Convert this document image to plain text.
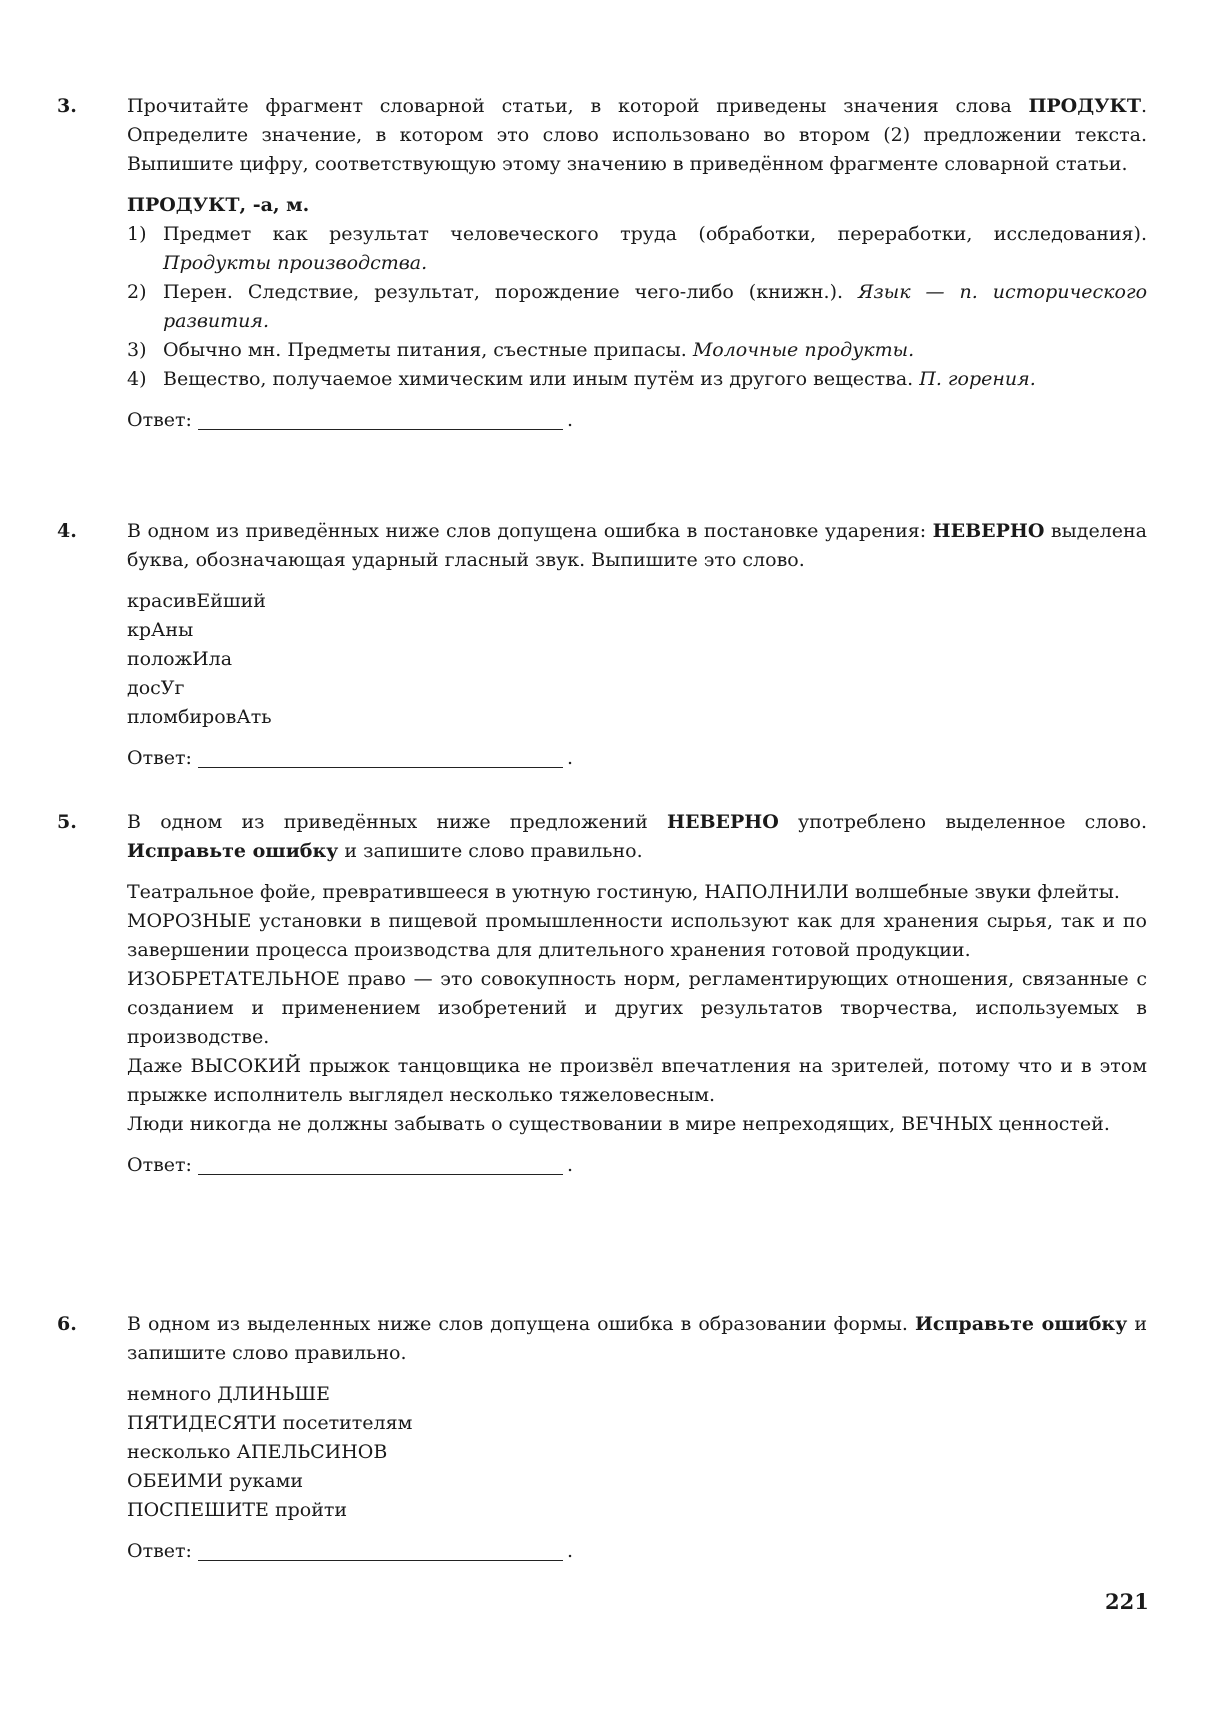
3.	Прочитайте фрагмент словарной статьи, в которой приведены значения слова ПРОДУКТ. Определите значение, в котором это слово использовано во втором (2) предложении текста. Выпишите цифру, соответствующую этому значению в приведённом фрагменте словарной статьи.

ПРОДУКТ, -а, м.
1) Предмет как результат человеческого труда (обработки, переработки, исследования). Продукты производства.
2) Перен. Следствие, результат, порождение чего-либо (книжн.). Язык — п. исторического развития.
3) Обычно мн. Предметы питания, съестные припасы. Молочные продукты.
4) Вещество, получаемое химическим или иным путём из другого вещества. П. горения.
Ответ:	.
4.	В одном из приведённых ниже слов допущена ошибка в постановке ударения: НЕВЕРНО выделена буква, обозначающая ударный гласный звук. Выпишите это слово.

красивЕйший
крАны
положИла
досУг
пломбировАть
Ответ:	.
5.	В одном из приведённых ниже предложений НЕВЕРНО употреблено выделенное слово. Исправьте ошибку и запишите слово правильно.

Театральное фойе, превратившееся в уютную гостиную, НАПОЛНИЛИ волшебные звуки флейты.

МОРОЗНЫЕ установки в пищевой промышленности используют как для хранения сырья, так и по завершении процесса производства для длительного хранения готовой продукции.

ИЗОБРЕТАТЕЛЬНОЕ право — это совокупность норм, регламентирующих отношения, связанные с созданием и применением изобретений и других результатов творчества, используемых в производстве.

Даже ВЫСОКИЙ прыжок танцовщика не произвёл впечатления на зрителей, потому что и в этом прыжке исполнитель выглядел несколько тяжеловесным.

Люди никогда не должны забывать о существовании в мире непреходящих, ВЕЧНЫХ ценностей.

Ответ:	.
6.	В одном из выделенных ниже слов допущена ошибка в образовании формы. Исправьте ошибку и запишите слово правильно.

немного ДЛИНЬШЕ
ПЯТИДЕСЯТИ посетителям
несколько АПЕЛЬСИНОВ
ОБЕИМИ руками
ПОСПЕШИТЕ пройти
Ответ:	.
221
